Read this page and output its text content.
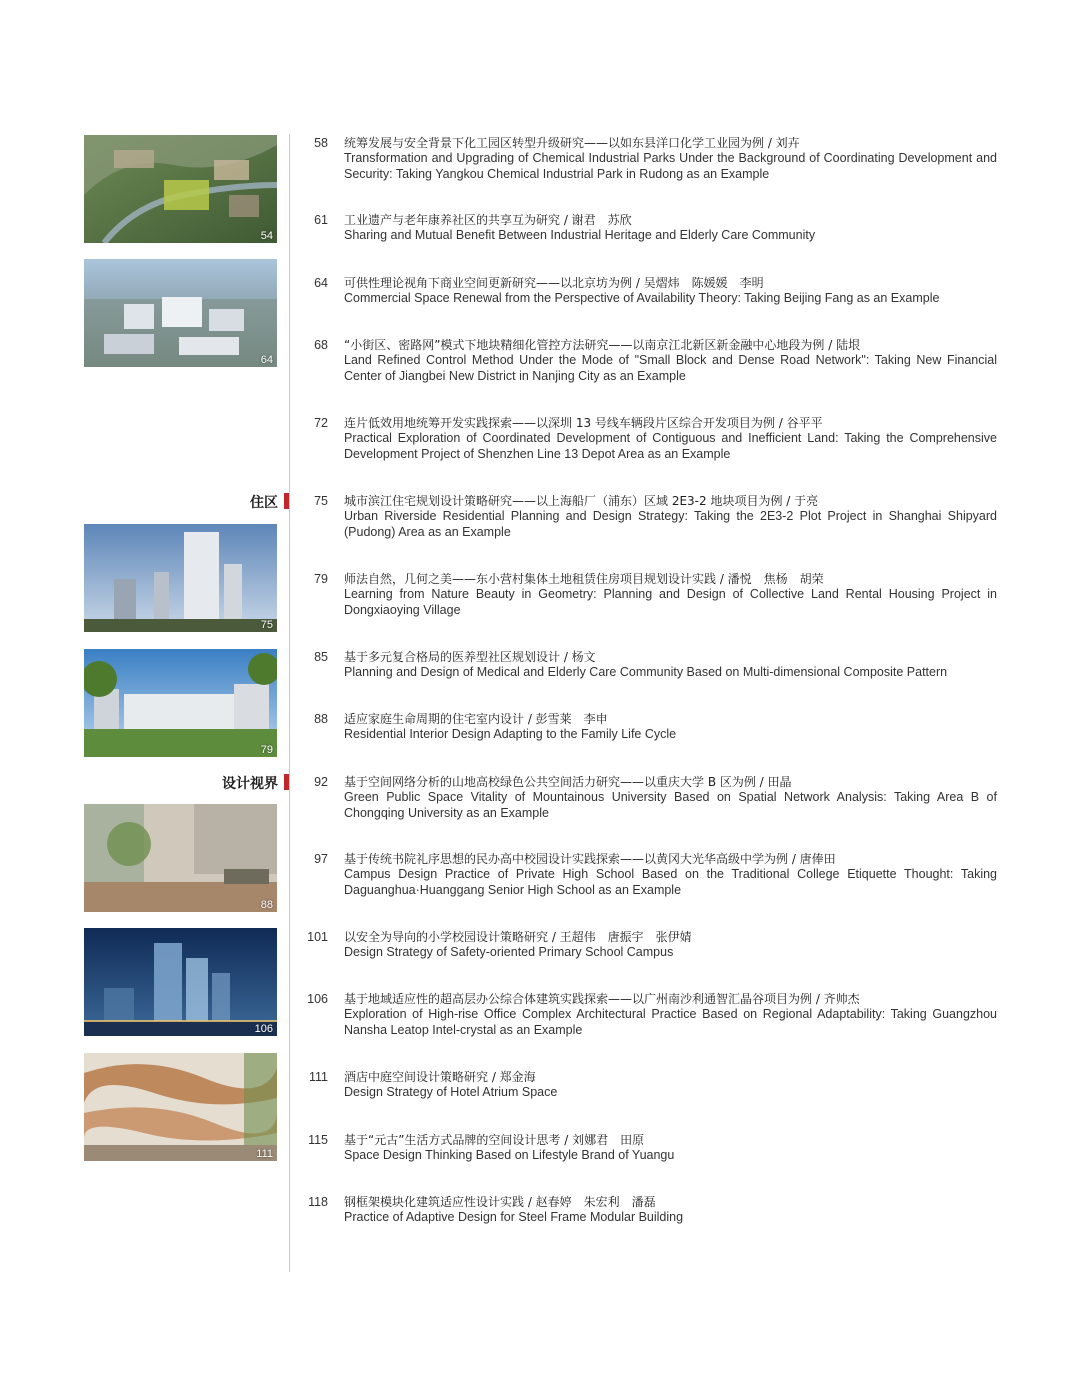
住区
设计视界
54
64
75
79
88
106
111
58 统筹发展与安全背景下化工园区转型升级研究——以如东县洋口化学工业园为例 / 刘卉
Transformation and Upgrading of Chemical Industrial Parks Under the Background of Coordinating Development and Security: Taking Yangkou Chemical Industrial Park in Rudong as an Example
61 工业遗产与老年康养社区的共享互为研究 / 谢君　苏欣
Sharing and Mutual Benefit Between Industrial Heritage and Elderly Care Community
64 可供性理论视角下商业空间更新研究——以北京坊为例 / 吴熠炜　陈媛媛　李明
Commercial Space Renewal from the Perspective of Availability Theory: Taking Beijing Fang as an Example
68 “小街区、密路网”模式下地块精细化管控方法研究——以南京江北新区新金融中心地段为例 / 陆垠
Land Refined Control Method Under the Mode of "Small Block and Dense Road Network": Taking New Financial Center of Jiangbei New District in Nanjing City as an Example
72 连片低效用地统筹开发实践探索——以深圳 13 号线车辆段片区综合开发项目为例 / 谷平平
Practical Exploration of Coordinated Development of Contiguous and Inefficient Land: Taking the Comprehensive Development Project of Shenzhen Line 13 Depot Area as an Example
75 城市滨江住宅规划设计策略研究——以上海船厂（浦东）区域 2E3-2 地块项目为例 / 于亮
Urban Riverside Residential Planning and Design Strategy: Taking the 2E3-2 Plot Project in Shanghai Shipyard (Pudong) Area as an Example
79 师法自然，几何之美——东小营村集体土地租赁住房项目规划设计实践 / 潘悦　焦杨　胡荣
Learning from Nature Beauty in Geometry: Planning and Design of Collective Land Rental Housing Project in Dongxiaoying Village
85 基于多元复合格局的医养型社区规划设计 / 杨文
Planning and Design of Medical and Elderly Care Community Based on Multi-dimensional Composite Pattern
88 适应家庭生命周期的住宅室内设计 / 彭雪莱　李申
Residential Interior Design Adapting to the Family Life Cycle
92 基于空间网络分析的山地高校绿色公共空间活力研究——以重庆大学 B 区为例 / 田晶
Green Public Space Vitality of Mountainous University Based on Spatial Network Analysis: Taking Area B of Chongqing University as an Example
97 基于传统书院礼序思想的民办高中校园设计实践探索——以黄冈大光华高级中学为例 / 唐俸田
Campus Design Practice of Private High School Based on the Traditional College Etiquette Thought: Taking Daguanghua·Huanggang Senior High School as an Example
101 以安全为导向的小学校园设计策略研究 / 王超伟　唐振宇　张伊婧
Design Strategy of Safety-oriented Primary School Campus
106 基于地域适应性的超高层办公综合体建筑实践探索——以广州南沙利通智汇晶谷项目为例 / 齐帅杰
Exploration of High-rise Office Complex Architectural Practice Based on Regional Adaptability: Taking Guangzhou Nansha Leatop Intel-crystal as an Example
111 酒店中庭空间设计策略研究 / 郑金海
Design Strategy of Hotel Atrium Space
115 基于“元古”生活方式品牌的空间设计思考 / 刘娜君　田原
Space Design Thinking Based on Lifestyle Brand of Yuangu
118 钢框架模块化建筑适应性设计实践 / 赵春婷　朱宏利　潘磊
Practice of Adaptive Design for Steel Frame Modular Building
